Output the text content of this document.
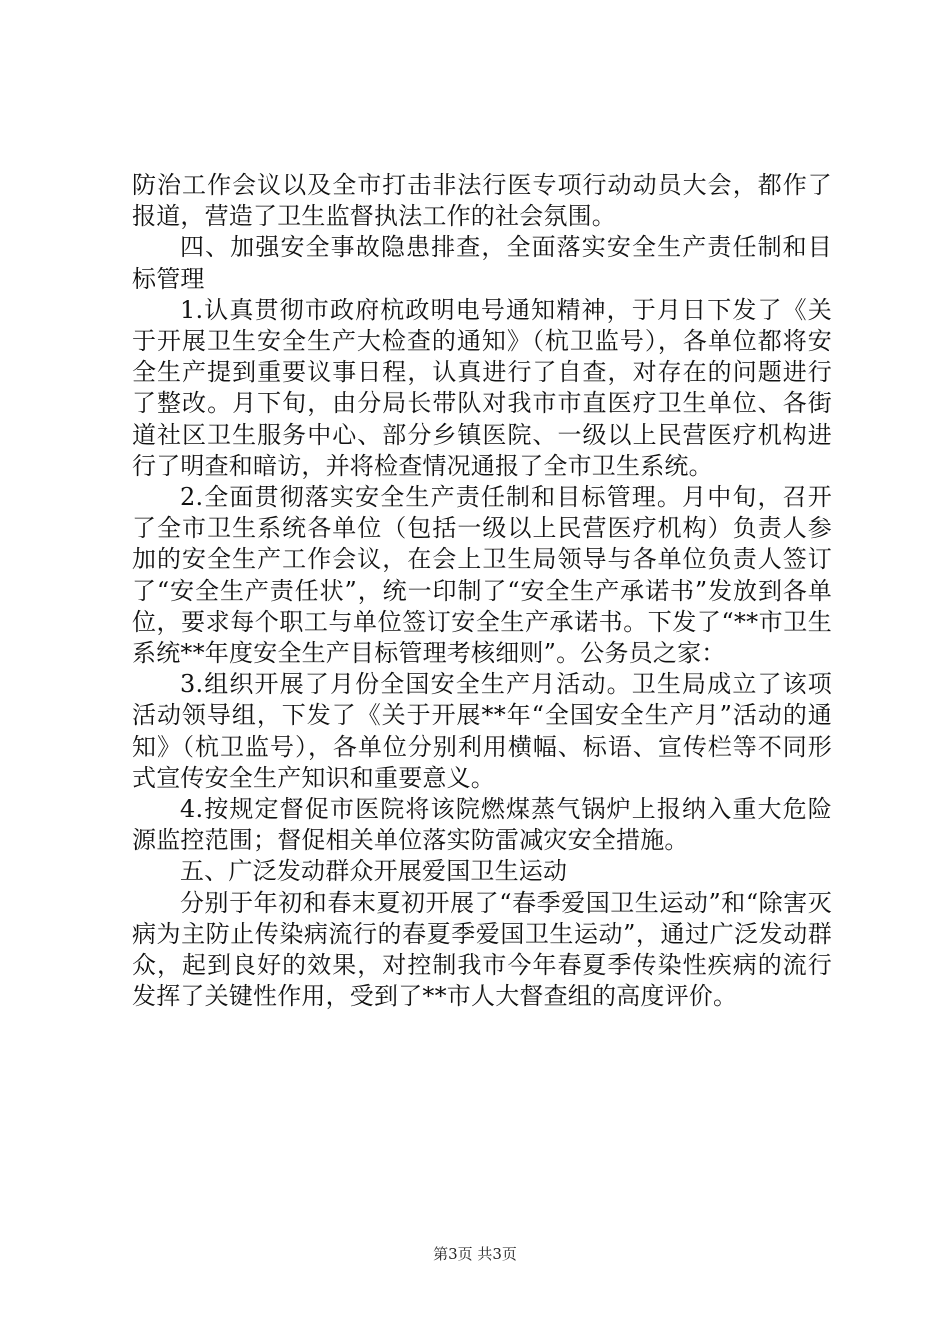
防治工作会议以及全市打击非法行医专项行动动员大会，都作了报道，营造了卫生监督执法工作的社会氛围。

四、加强安全事故隐患排查，全面落实安全生产责任制和目标管理

1.认真贯彻市政府杭政明电号通知精神，于月日下发了《关于开展卫生安全生产大检查的通知》（杭卫监号），各单位都将安全生产提到重要议事日程，认真进行了自查，对存在的问题进行了整改。月下旬，由分局长带队对我市市直医疗卫生单位、各街道社区卫生服务中心、部分乡镇医院、一级以上民营医疗机构进行了明查和暗访，并将检查情况通报了全市卫生系统。

2.全面贯彻落实安全生产责任制和目标管理。月中旬，召开了全市卫生系统各单位（包括一级以上民营医疗机构）负责人参加的安全生产工作会议，在会上卫生局领导与各单位负责人签订了“安全生产责任状”，统一印制了“安全生产承诺书”发放到各单位，要求每个职工与单位签订安全生产承诺书。下发了“**市卫生系统**年度安全生产目标管理考核细则”。公务员之家：

3.组织开展了月份全国安全生产月活动。卫生局成立了该项活动领导组，下发了《关于开展**年“全国安全生产月”活动的通知》（杭卫监号），各单位分别利用横幅、标语、宣传栏等不同形式宣传安全生产知识和重要意义。

4.按规定督促市医院将该院燃煤蒸气锅炉上报纳入重大危险源监控范围；督促相关单位落实防雷减灾安全措施。

五、广泛发动群众开展爱国卫生运动

分别于年初和春末夏初开展了“春季爱国卫生运动”和“除害灭病为主防止传染病流行的春夏季爱国卫生运动”，通过广泛发动群众，起到良好的效果，对控制我市今年春夏季传染性疾病的流行发挥了关键性作用，受到了**市人大督查组的高度评价。

第3页 共3页
